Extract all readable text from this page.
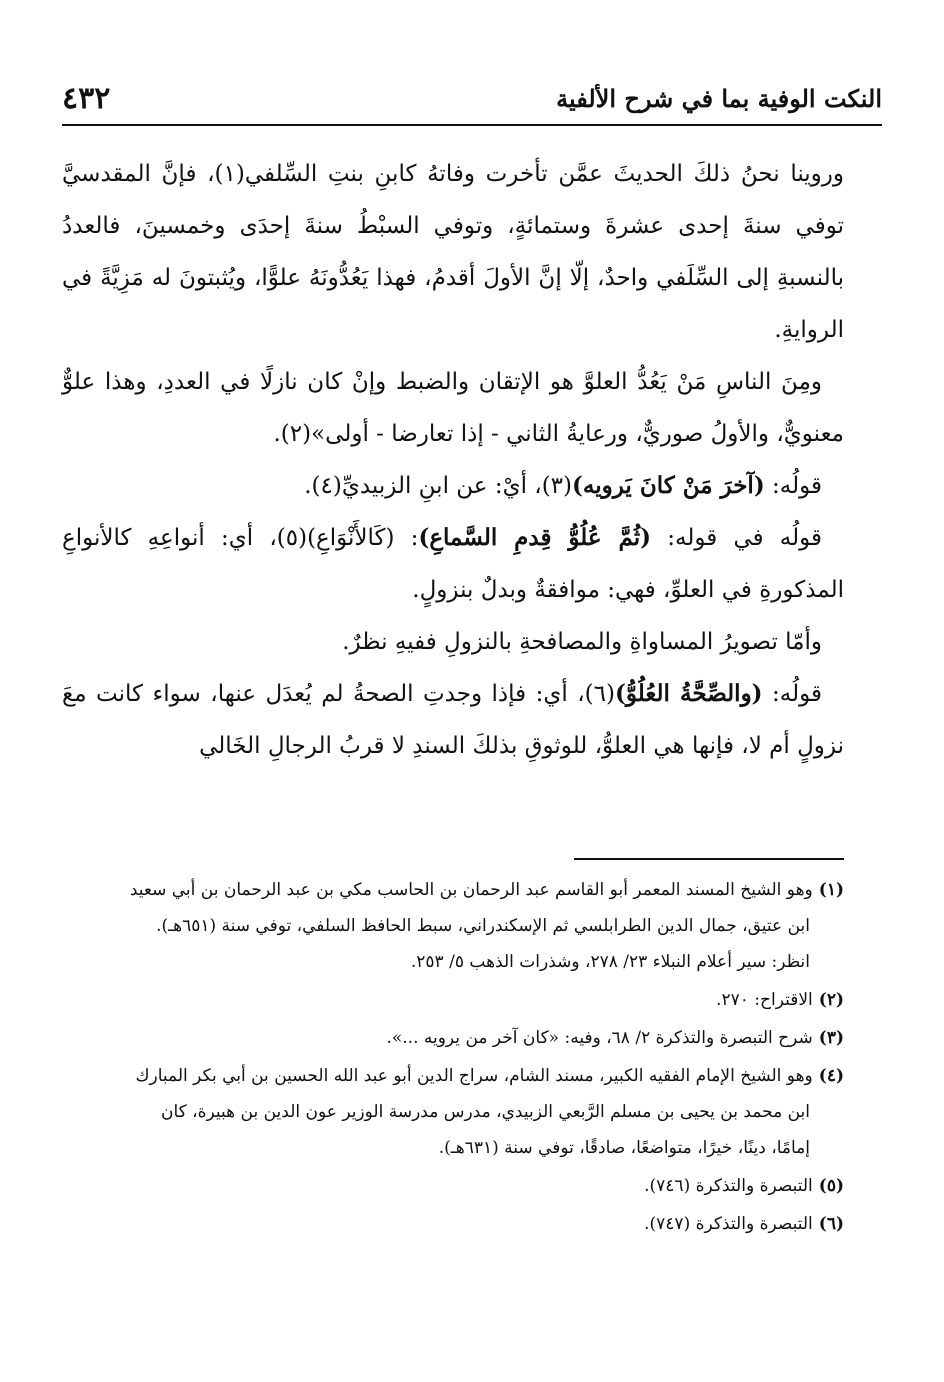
النكت الوفية بما في شرح الألفية
٤٣٢

وروينا نحنُ ذلكَ الحديثَ عمَّن تأخرت وفاتهُ كابنِ بنتِ السِّلفي(١)، فإنَّ المقدسيَّ توفي سنةَ إحدى عشرةَ وستمائةٍ، وتوفي السبْطُ سنةَ إحدَى وخمسينَ، فالعددُ بالنسبةِ إلى السِّلَفي واحدٌ، إلّا إنَّ الأولَ أقدمُ، فهذا يَعُدُّونَهُ علوًّا، ويُثبتونَ له مَزِيَّةً في الروايةِ.

ومِنَ الناسِ مَنْ يَعُدُّ العلوَّ هو الإتقان والضبط وإنْ كان نازلًا في العددِ، وهذا علوٌّ معنويٌّ، والأولُ صوريٌّ، ورعايةُ الثاني - إذا تعارضا - أولى»(٢).

قولُه: (آخرَ مَنْ كانَ يَرويه)(٣)، أيْ: عن ابنِ الزبيديِّ(٤).

قولُه في قوله: (ثُمَّ عُلُوُّ قِدمِ السَّماعِ): (كَالأَنْوَاعِ)(٥)، أي: أنواعِهِ كالأنواعِ المذكورةِ في العلوِّ، فهي: موافقةٌ وبدلٌ بنزولٍ.

وأمّا تصويرُ المساواةِ والمصافحةِ بالنزولِ ففيهِ نظرٌ.

قولُه: (والصِّحَّةُ العُلُوُّ)(٦)، أي: فإذا وجدتِ الصحةُ لم يُعدَل عنها، سواء كانت معَ نزولٍ أم لا، فإنها هي العلوُّ، للوثوقِ بذلكَ السندِ لا قربُ الرجالِ الخَالي

(١)وهو الشيخ المسند المعمر أبو القاسم عبد الرحمان بن الحاسب مكي بن عبد الرحمان بن أبي سعيد

ابن عتيق، جمال الدين الطرابلسي ثم الإسكندراني، سبط الحافظ السلفي، توفي سنة (٦٥١هـ).

انظر: سير أعلام النبلاء ٢٣/ ٢٧٨، وشذرات الذهب ٥/ ٢٥٣.

(٢)الاقتراح: ٢٧٠.

(٣)شرح التبصرة والتذكرة ٢/ ٦٨، وفيه: «كان آخر من يرويه ...».

(٤)وهو الشيخ الإمام الفقيه الكبير، مسند الشام، سراج الدين أبو عبد الله الحسين بن أبي بكر المبارك

ابن محمد بن يحيى بن مسلم الرَّبعي الزبيدي، مدرس مدرسة الوزير عون الدين بن هبيرة، كان

إمامًا، دينًا، خيرًا، متواضعًا، صادقًا، توفي سنة (٦٣١هـ).

(٥)التبصرة والتذكرة (٧٤٦).

(٦)التبصرة والتذكرة (٧٤٧).
